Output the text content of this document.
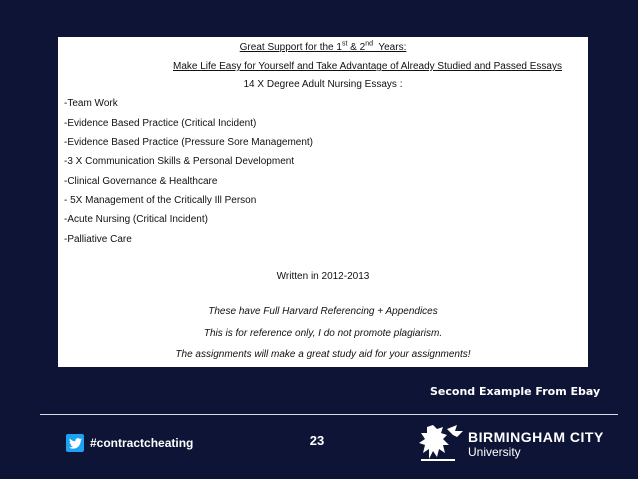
Great Support for the 1st & 2nd  Years:
Make Life Easy for Yourself and Take Advantage of Already Studied and Passed Essays
14 X Degree Adult Nursing Essays :
-Team Work
-Evidence Based Practice (Critical Incident)
-Evidence Based Practice (Pressure Sore Management)
-3 X Communication Skills & Personal Development
-Clinical Governance & Healthcare
- 5X Management of the Critically Ill Person
-Acute Nursing (Critical Incident)
-Palliative Care
Written in 2012-2013
These have Full Harvard Referencing + Appendices
This is for reference only, I do not promote plagiarism.
The assignments will make a great study aid for your assignments!
Second Example From Ebay
#contractcheating	23	BIRMINGHAM CITY
University
